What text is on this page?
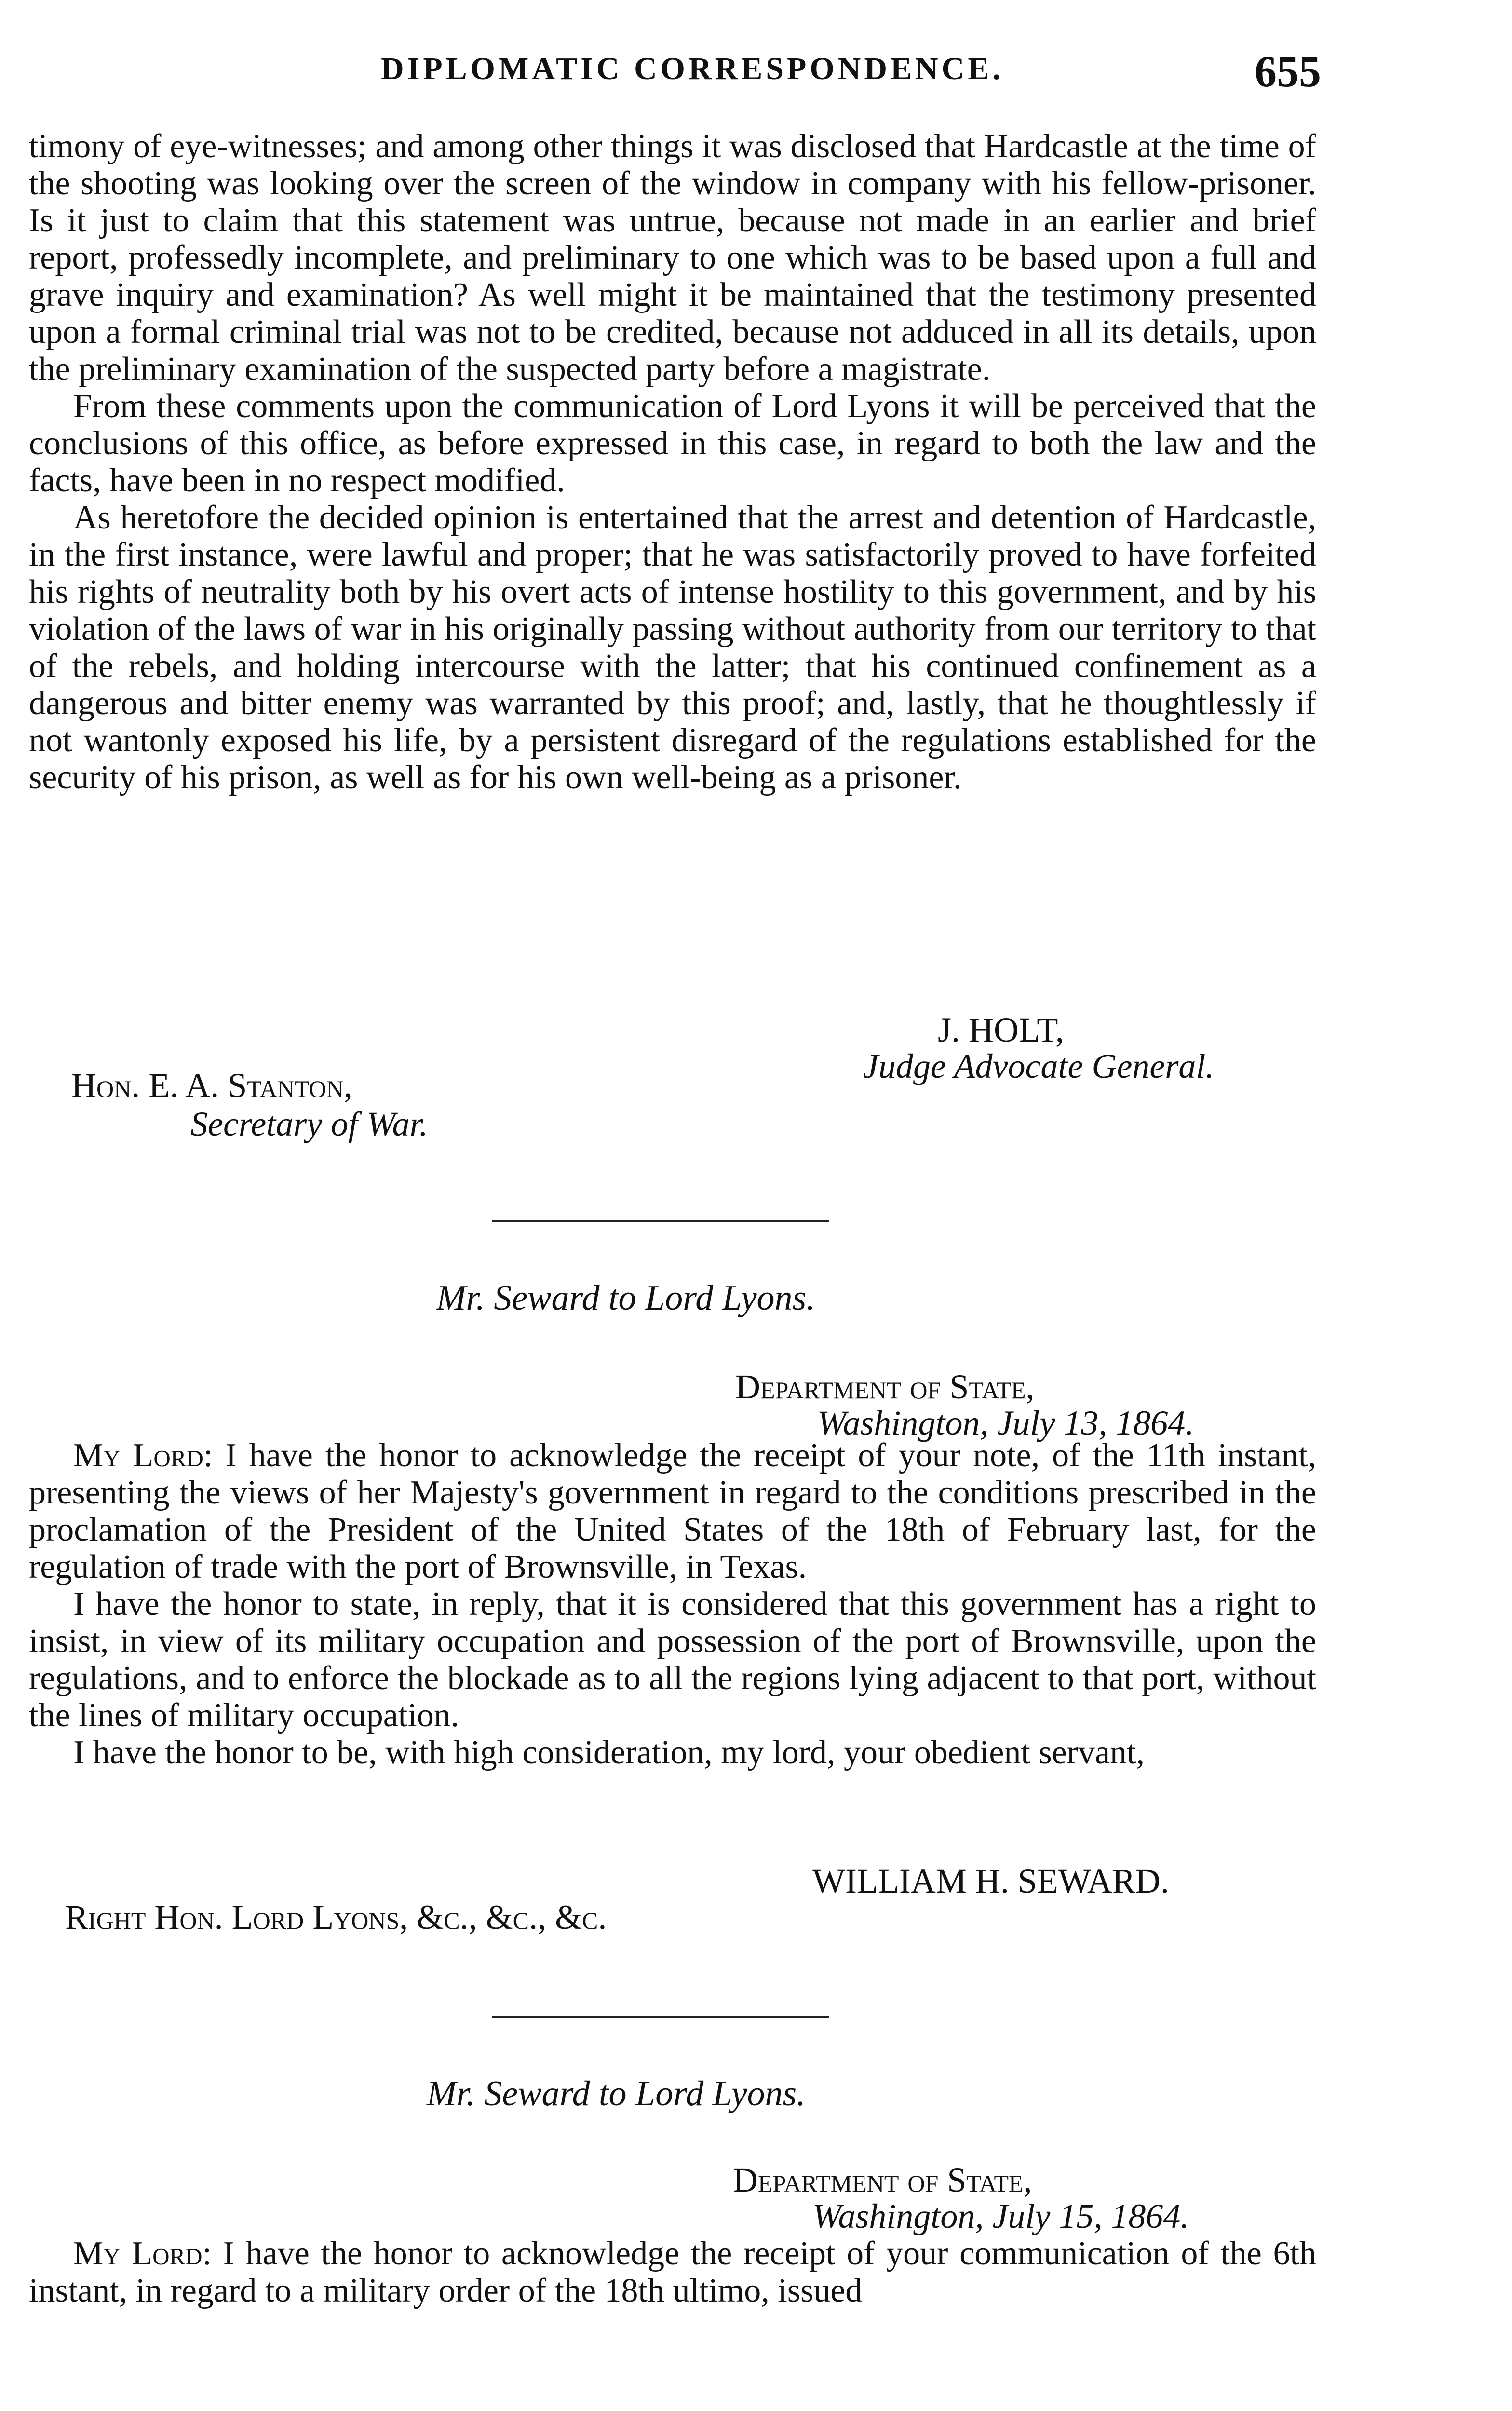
DIPLOMATIC CORRESPONDENCE.	655

timony of eye-witnesses; and among other things it was disclosed that Hardcastle at the time of the shooting was looking over the screen of the window in company with his fellow-prisoner. Is it just to claim that this statement was untrue, because not made in an earlier and brief report, professedly incomplete, and preliminary to one which was to be based upon a full and grave inquiry and examination? As well might it be maintained that the testimony presented upon a formal criminal trial was not to be credited, because not adduced in all its details, upon the preliminary examination of the suspected party before a magistrate.

From these comments upon the communication of Lord Lyons it will be perceived that the conclusions of this office, as before expressed in this case, in regard to both the law and the facts, have been in no respect modified.

As heretofore the decided opinion is entertained that the arrest and detention of Hardcastle, in the first instance, were lawful and proper; that he was satisfactorily proved to have forfeited his rights of neutrality both by his overt acts of intense hostility to this government, and by his violation of the laws of war in his originally passing without authority from our territory to that of the rebels, and holding intercourse with the latter; that his continued confinement as a dangerous and bitter enemy was warranted by this proof; and, lastly, that he thoughtlessly if not wantonly exposed his life, by a persistent disregard of the regulations established for the security of his prison, as well as for his own well-being as a prisoner.

J. HOLT,
Judge Advocate General.
Hon. E. A. Stanton,
Secretary of War.
Mr. Seward to Lord Lyons.
Department of State,
Washington, July 13, 1864.

My Lord: I have the honor to acknowledge the receipt of your note, of the 11th instant, presenting the views of her Majesty's government in regard to the conditions prescribed in the proclamation of the President of the United States of the 18th of February last, for the regulation of trade with the port of Brownsville, in Texas.

I have the honor to state, in reply, that it is considered that this government has a right to insist, in view of its military occupation and possession of the port of Brownsville, upon the regulations, and to enforce the blockade as to all the regions lying adjacent to that port, without the lines of military occupation.

I have the honor to be, with high consideration, my lord, your obedient servant,

WILLIAM H. SEWARD.
Right Hon. Lord Lyons, &c., &c., &c.
Mr. Seward to Lord Lyons.
Department of State,
Washington, July 15, 1864.

My Lord: I have the honor to acknowledge the receipt of your communication of the 6th instant, in regard to a military order of the 18th ultimo, issued
